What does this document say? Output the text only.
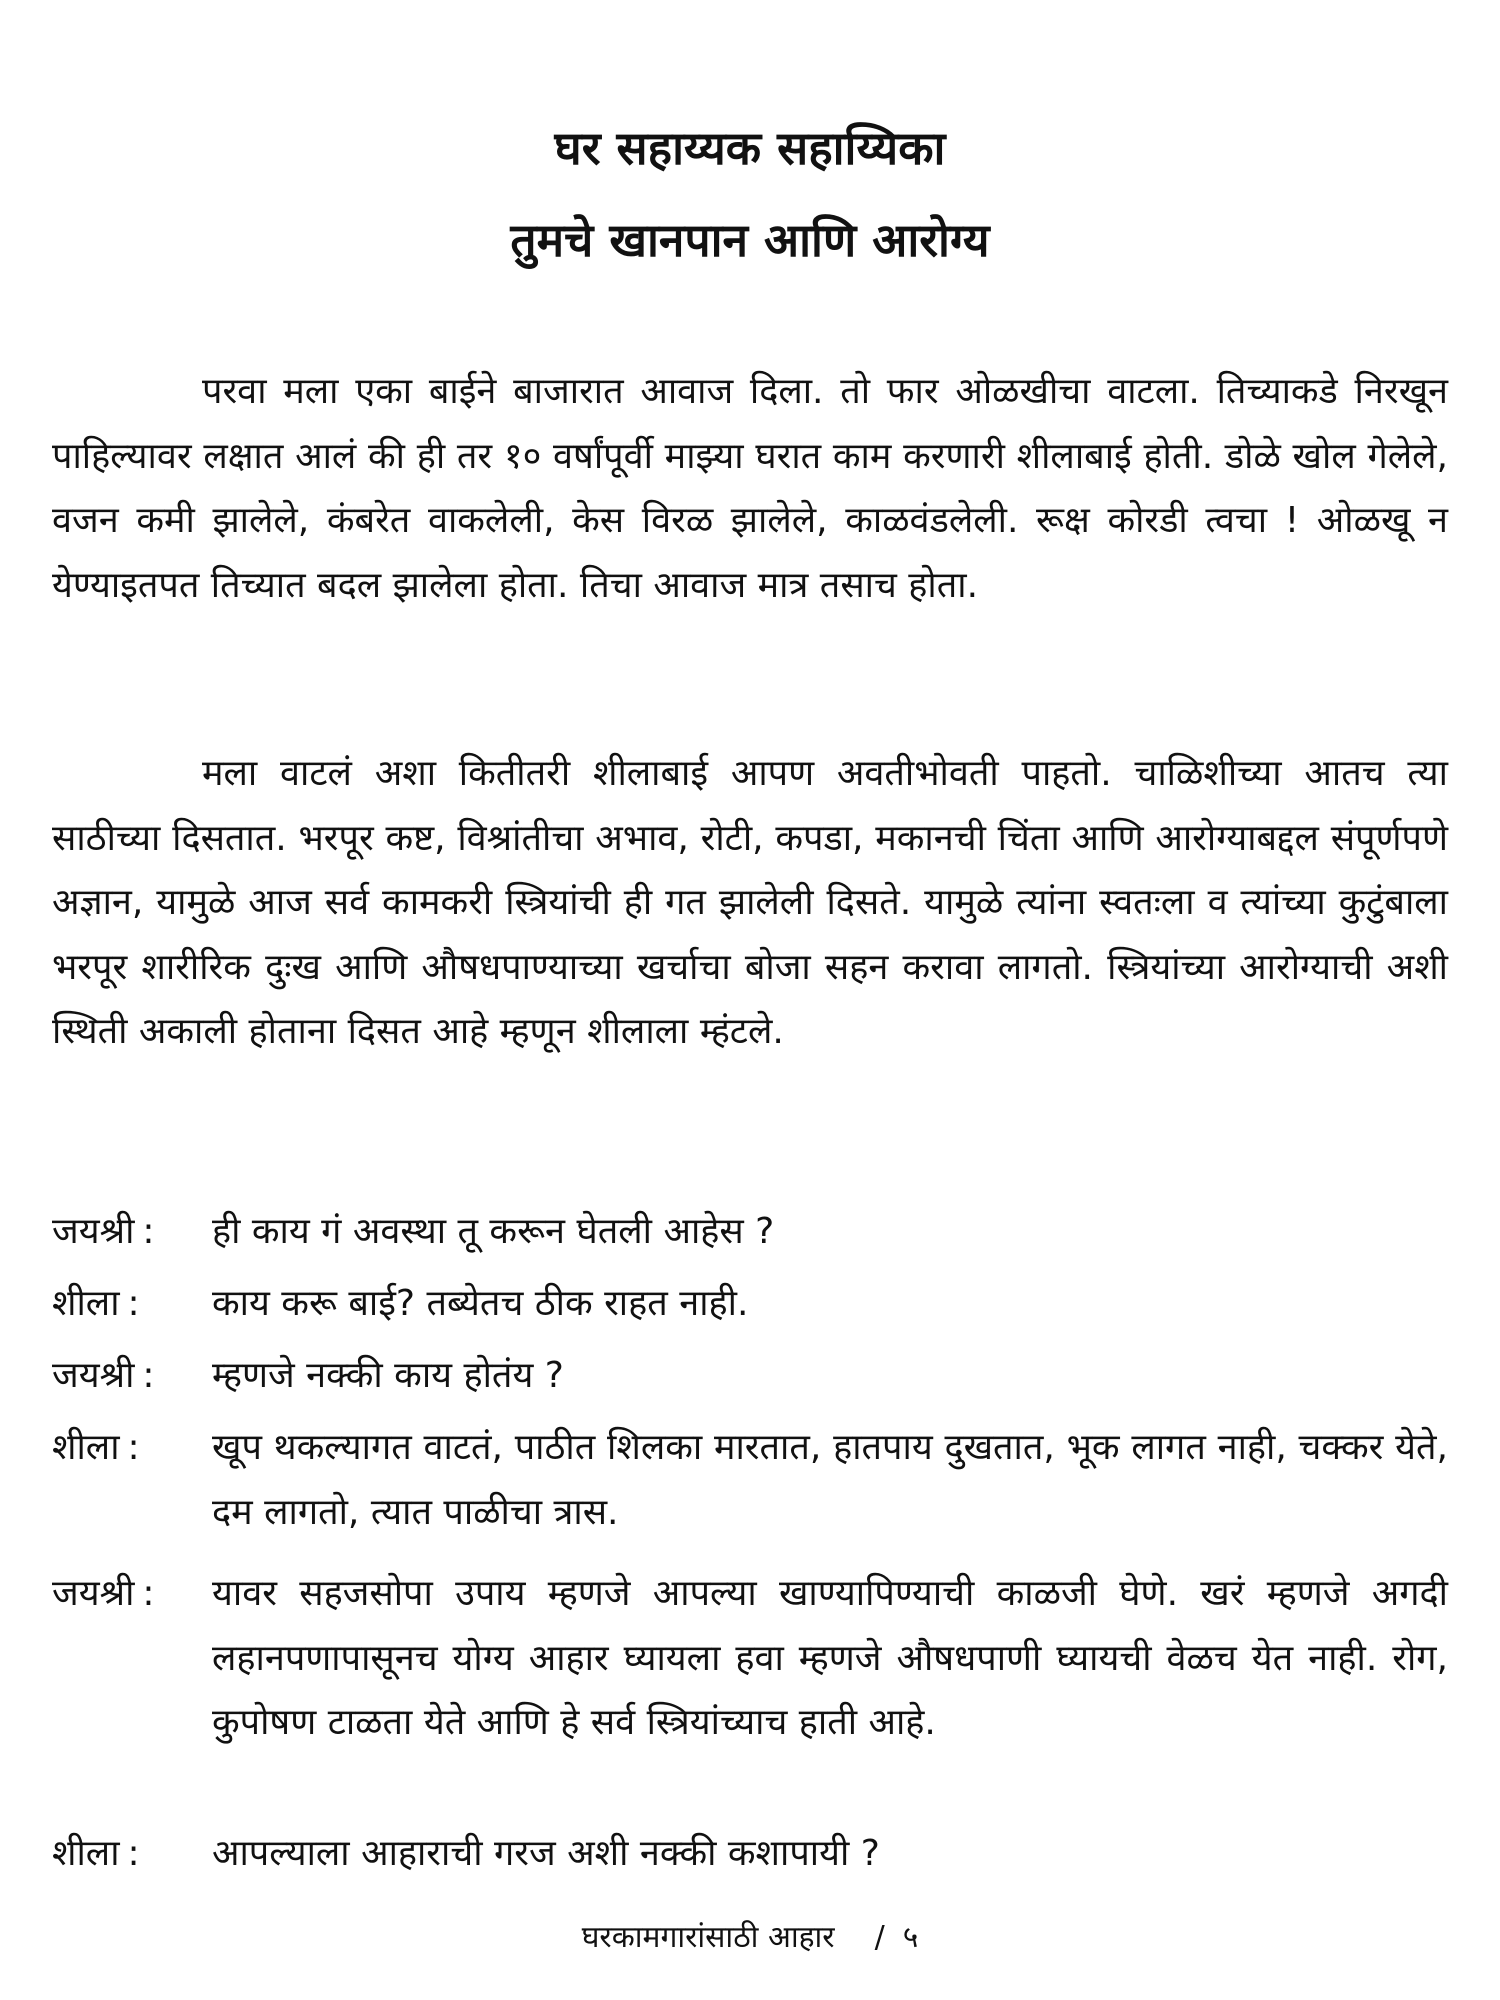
घर सहाय्यक सहाय्यिका
तुमचे खानपान आणि आरोग्य

परवा मला एका बाईने बाजारात आवाज दिला. तो फार ओळखीचा वाटला. तिच्याकडे निरखून पाहिल्यावर लक्षात आलं की ही तर १० वर्षांपूर्वी माझ्या घरात काम करणारी शीलाबाई होती. डोळे खोल गेलेले, वजन कमी झालेले, कंबरेत वाकलेली, केस विरळ झालेले, काळवंडलेली. रूक्ष कोरडी त्वचा ! ओळखू न येण्याइतपत तिच्यात बदल झालेला होता. तिचा आवाज मात्र तसाच होता.

मला वाटलं अशा कितीतरी शीलाबाई आपण अवतीभोवती पाहतो. चाळिशीच्या आतच त्या साठीच्या दिसतात. भरपूर कष्ट, विश्रांतीचा अभाव, रोटी, कपडा, मकानची चिंता आणि आरोग्याबद्दल संपूर्णपणे अज्ञान, यामुळे आज सर्व कामकरी स्त्रियांची ही गत झालेली दिसते. यामुळे त्यांना स्वतःला व त्यांच्या कुटुंबाला भरपूर शारीरिक दुःख आणि औषधपाण्याच्या खर्चाचा बोजा सहन करावा लागतो. स्त्रियांच्या आरोग्याची अशी स्थिती अकाली होताना दिसत आहे म्हणून शीलाला म्हंटले.

जयश्री :	ही काय गं अवस्था तू करून घेतली आहेस ?

शीला :	काय करू बाई? तब्येतच ठीक राहत नाही.

जयश्री :	म्हणजे नक्की काय होतंय ?

शीला :	खूप थकल्यागत वाटतं, पाठीत शिलका मारतात, हातपाय दुखतात, भूक लागत नाही, चक्कर येते, दम लागतो, त्यात पाळीचा त्रास.

जयश्री :	यावर सहजसोपा उपाय म्हणजे आपल्या खाण्यापिण्याची काळजी घेणे. खरं म्हणजे अगदी लहानपणापासूनच योग्य आहार घ्यायला हवा म्हणजे औषधपाणी घ्यायची वेळच येत नाही. रोग, कुपोषण टाळता येते आणि हे सर्व स्त्रियांच्याच हाती आहे.

शीला :	आपल्याला आहाराची गरज अशी नक्की कशापायी ?

घरकामगारांसाठी आहार / ५
